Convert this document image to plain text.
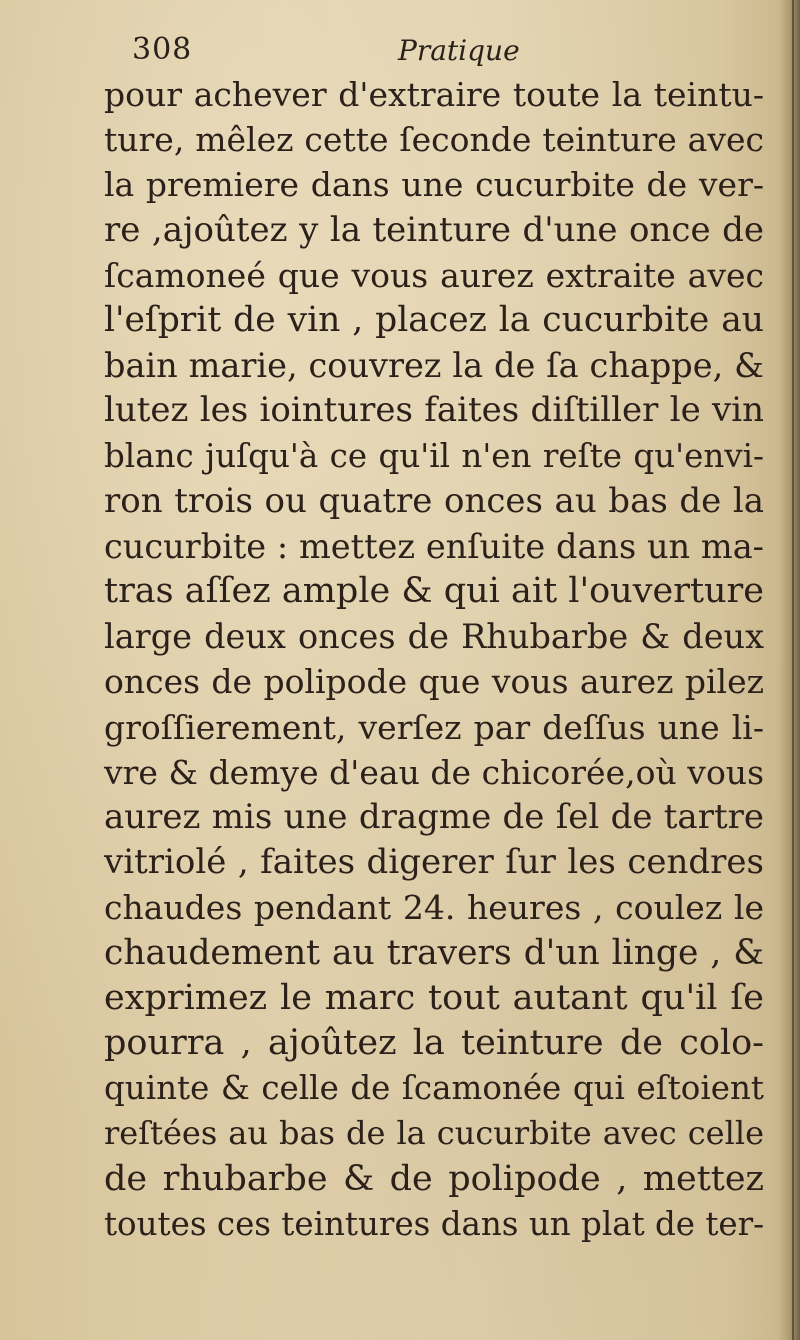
308	Pratique
pour achever d'extraire toute la teintu-
ture, mêlez cette ſeconde teinture avec
la premiere dans une cucurbite de ver-
re ,ajoûtez y la teinture d'une once de
ſcamoneé que vous aurez extraite avec
l'eſprit de vin , placez la cucurbite au
bain marie, couvrez la de ſa chappe, &
lutez les iointures faites diſtiller le vin
blanc juſqu'à ce qu'il n'en reſte qu'envi-
ron trois ou quatre onces au bas de la
cucurbite : mettez enſuite dans un ma-
tras aſſez ample & qui ait l'ouverture
large deux onces de Rhubarbe & deux
onces de polipode que vous aurez pilez
groſſierement, verſez par deſſus une li-
vre & demye d'eau de chicorée,où vous
aurez mis une dragme de ſel de tartre
vitriolé , faites digerer ſur les cendres
chaudes pendant 24. heures , coulez le
chaudement au travers d'un linge , &
exprimez le marc tout autant qu'il ſe
pourra , ajoûtez la teinture de colo-
quinte & celle de ſcamonée qui eſtoient
reſtées au bas de la cucurbite avec celle
de rhubarbe & de polipode , mettez
toutes ces teintures dans un plat de ter-
